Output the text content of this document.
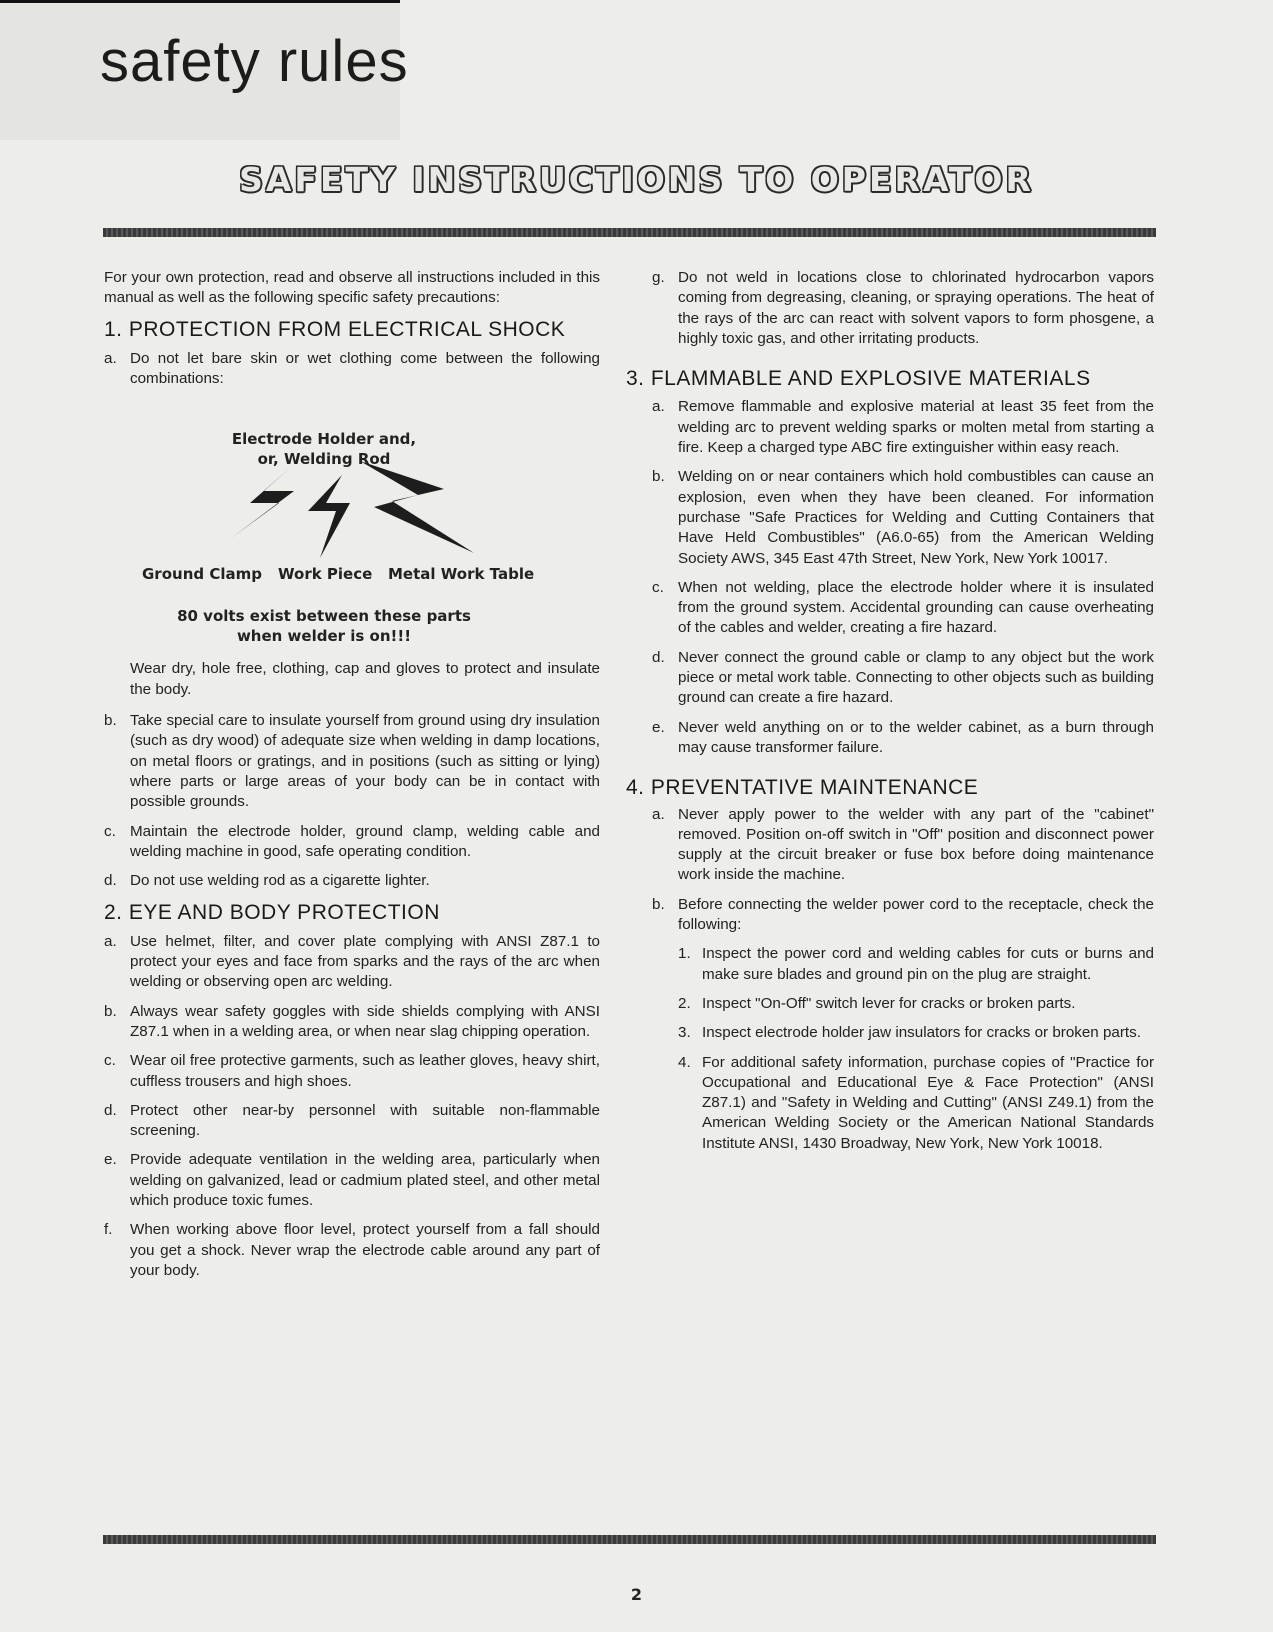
safety rules
SAFETY INSTRUCTIONS TO OPERATOR

For your own protection, read and observe all instructions included in this manual as well as the following specific safety precautions:

1. PROTECTION FROM ELECTRICAL SHOCK
a. Do not let bare skin or wet clothing come between the following combinations:
Electrode Holder and,
or, Welding Rod
Ground Clamp Work Piece Metal Work Table
80 volts exist between these parts
when welder is on!!!

Wear dry, hole free, clothing, cap and gloves to protect and insulate the body.

b. Take special care to insulate yourself from ground using dry insulation (such as dry wood) of adequate size when welding in damp locations, on metal floors or gratings, and in positions (such as sitting or lying) where parts or large areas of your body can be in contact with possible grounds.
c. Maintain the electrode holder, ground clamp, welding cable and welding machine in good, safe operating condition.
d. Do not use welding rod as a cigarette lighter.
2. EYE AND BODY PROTECTION
a. Use helmet, filter, and cover plate complying with ANSI Z87.1 to protect your eyes and face from sparks and the rays of the arc when welding or observing open arc welding.
b. Always wear safety goggles with side shields complying with ANSI Z87.1 when in a welding area, or when near slag chipping operation.
c. Wear oil free protective garments, such as leather gloves, heavy shirt, cuffless trousers and high shoes.
d. Protect other near-by personnel with suitable non-flammable screening.
e. Provide adequate ventilation in the welding area, particularly when welding on galvanized, lead or cadmium plated steel, and other metal which produce toxic fumes.
f.	When working above floor level, protect yourself from a fall should you get a shock. Never wrap the electrode cable around any part of your body.
g. Do not weld in locations close to chlorinated hydrocarbon vapors coming from degreasing, cleaning, or spraying operations. The heat of the rays of the arc can react with solvent vapors to form phosgene, a highly toxic gas, and other irritating products.
3. FLAMMABLE AND EXPLOSIVE MATERIALS
a. Remove flammable and explosive material at least 35 feet from the welding arc to prevent welding sparks or molten metal from starting a fire. Keep a charged type ABC fire extinguisher within easy reach.
b. Welding on or near containers which hold combustibles can cause an explosion, even when they have been cleaned. For information purchase "Safe Practices for Welding and Cutting Containers that Have Held Combustibles" (A6.0-65) from the American Welding Society AWS, 345 East 47th Street, New York, New York 10017.
c. When not welding, place the electrode holder where it is insulated from the ground system. Accidental grounding can cause overheating of the cables and welder, creating a fire hazard.
d. Never connect the ground cable or clamp to any object but the work piece or metal work table. Connecting to other objects such as building ground can create a fire hazard.
e. Never weld anything on or to the welder cabinet, as a burn through may cause transformer failure.
4. PREVENTATIVE MAINTENANCE
a. Never apply power to the welder with any part of the "cabinet" removed. Position on-off switch in "Off" position and disconnect power supply at the circuit breaker or fuse box before doing maintenance work inside the machine.
b. Before connecting the welder power cord to the receptacle, check the following:
1. Inspect the power cord and welding cables for cuts or burns and make sure blades and ground pin on the plug are straight.
2. Inspect "On-Off" switch lever for cracks or broken parts.
3. Inspect electrode holder jaw insulators for cracks or broken parts.
4. For additional safety information, purchase copies of "Practice for Occupational and Educational Eye & Face Protection" (ANSI Z87.1) and "Safety in Welding and Cutting" (ANSI Z49.1) from the American Welding Society or the American National Standards Institute ANSI, 1430 Broadway, New York, New York 10018.
2
